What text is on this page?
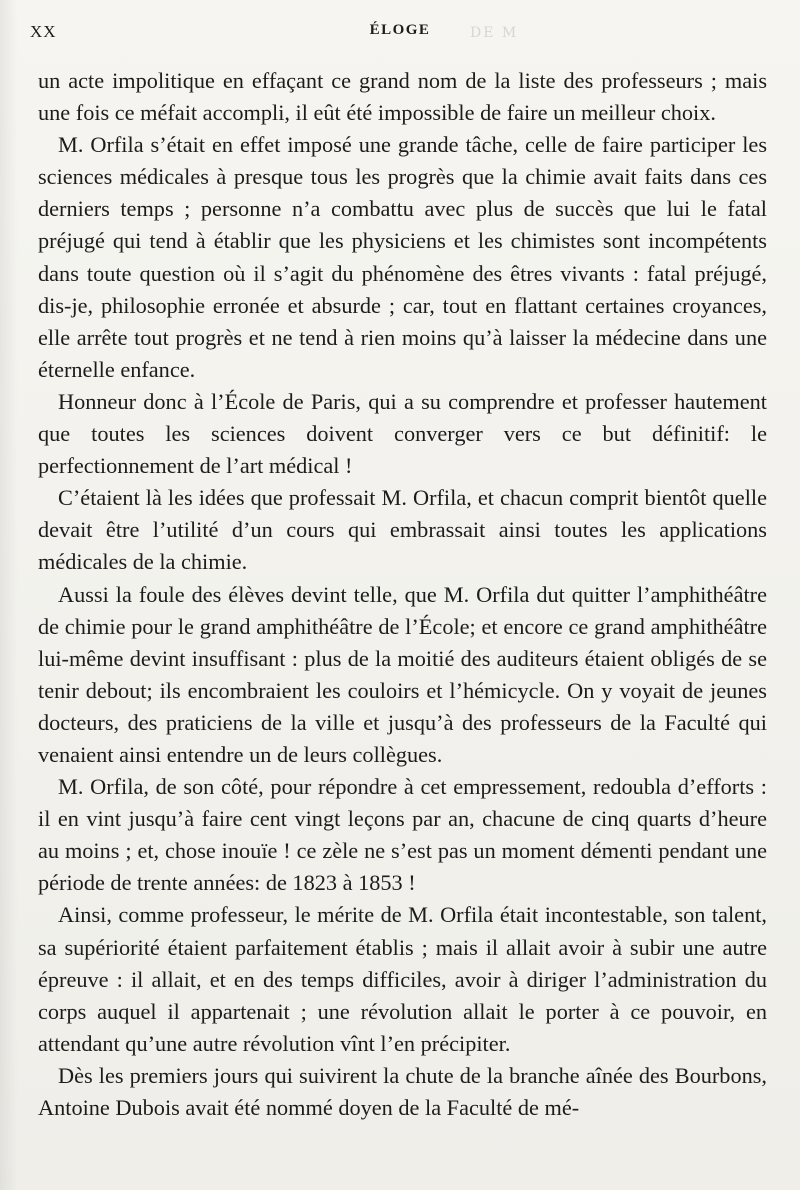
XX	ÉLOGE	DE M

un acte impolitique en effaçant ce grand nom de la liste des professeurs ; mais une fois ce méfait accompli, il eût été impossible de faire un meilleur choix.

M. Orfila s’était en effet imposé une grande tâche, celle de faire participer les sciences médicales à presque tous les progrès que la chimie avait faits dans ces derniers temps ; personne n’a combattu avec plus de succès que lui le fatal préjugé qui tend à établir que les physiciens et les chimistes sont incompétents dans toute question où il s’agit du phénomène des êtres vivants : fatal préjugé, dis-je, philosophie erronée et absurde ; car, tout en flattant certaines croyances, elle arrête tout progrès et ne tend à rien moins qu’à laisser la médecine dans une éternelle enfance.

Honneur donc à l’École de Paris, qui a su comprendre et professer hautement que toutes les sciences doivent converger vers ce but définitif: le perfectionnement de l’art médical !

C’étaient là les idées que professait M. Orfila, et chacun comprit bientôt quelle devait être l’utilité d’un cours qui embrassait ainsi toutes les applications médicales de la chimie.

Aussi la foule des élèves devint telle, que M. Orfila dut quitter l’amphithéâtre de chimie pour le grand amphithéâtre de l’École; et encore ce grand amphithéâtre lui-même devint insuffisant : plus de la moitié des auditeurs étaient obligés de se tenir debout; ils encombraient les couloirs et l’hémicycle. On y voyait de jeunes docteurs, des praticiens de la ville et jusqu’à des professeurs de la Faculté qui venaient ainsi entendre un de leurs collègues.

M. Orfila, de son côté, pour répondre à cet empressement, redoubla d’efforts : il en vint jusqu’à faire cent vingt leçons par an, chacune de cinq quarts d’heure au moins ; et, chose inouïe ! ce zèle ne s’est pas un moment démenti pendant une période de trente années: de 1823 à 1853 !

Ainsi, comme professeur, le mérite de M. Orfila était incontestable, son talent, sa supériorité étaient parfaitement établis ; mais il allait avoir à subir une autre épreuve : il allait, et en des temps difficiles, avoir à diriger l’administration du corps auquel il appartenait ; une révolution allait le porter à ce pouvoir, en attendant qu’une autre révolution vînt l’en précipiter.

Dès les premiers jours qui suivirent la chute de la branche aînée des Bourbons, Antoine Dubois avait été nommé doyen de la Faculté de mé-
